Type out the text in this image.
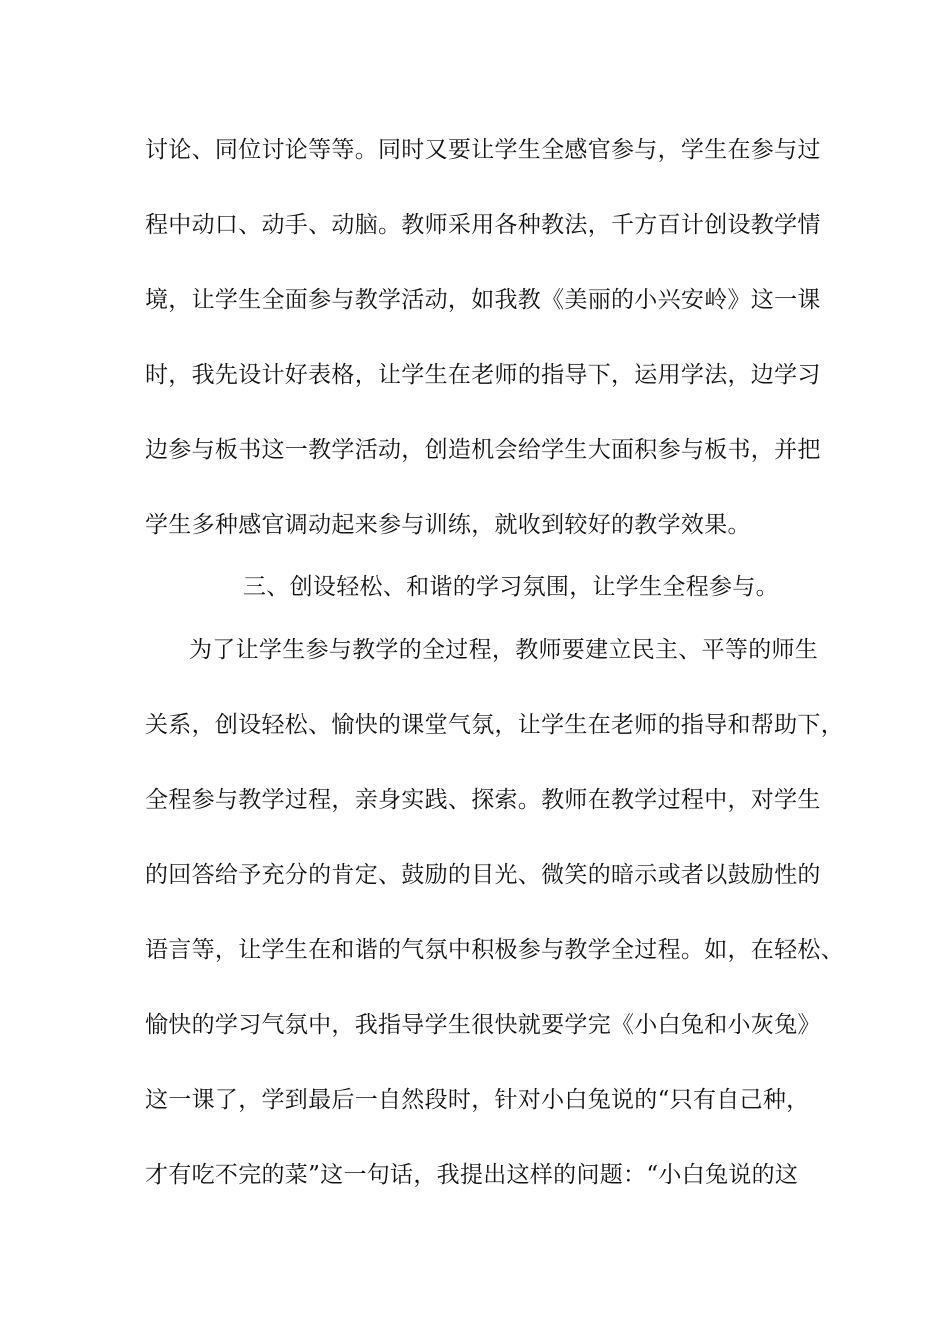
讨论、同位讨论等等。同时又要让学生全感官参与，学生在参与过
程中动口、动手、动脑。教师采用各种教法，千方百计创设教学情
境，让学生全面参与教学活动，如我教《美丽的小兴安岭》这一课
时，我先设计好表格，让学生在老师的指导下，运用学法，边学习
边参与板书这一教学活动，创造机会给学生大面积参与板书，并把
学生多种感官调动起来参与训练，就收到较好的教学效果。
三、创设轻松、和谐的学习氛围，让学生全程参与。
为了让学生参与教学的全过程，教师要建立民主、平等的师生
关系，创设轻松、愉快的课堂气氛，让学生在老师的指导和帮助下，
全程参与教学过程，亲身实践、探索。教师在教学过程中，对学生
的回答给予充分的肯定、鼓励的目光、微笑的暗示或者以鼓励性的
语言等，让学生在和谐的气氛中积极参与教学全过程。如，在轻松、
愉快的学习气氛中，我指导学生很快就要学完《小白兔和小灰兔》
这一课了，学到最后一自然段时，针对小白兔说的“只有自己种，
才有吃不完的菜”这一句话，我提出这样的问题：“小白兔说的这
